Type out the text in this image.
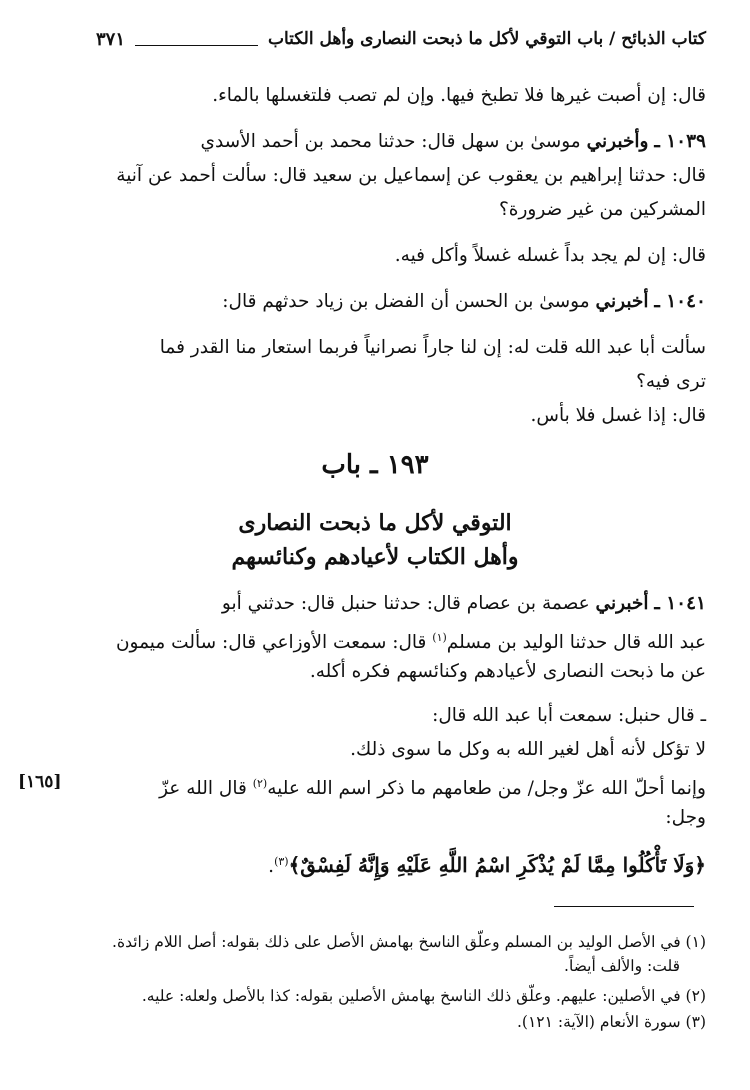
كتاب الذبائح / باب التوقي لأكل ما ذبحت النصارى وأهل الكتاب
٣٧١
قال: إن أصبت غيرها فلا تطبخ فيها. وإن لم تصب فلتغسلها بالماء.
١٠٣٩ ـ وأخبرني موسىٰ بن سهل قال: حدثنا محمد بن أحمد الأسدي
قال: حدثنا إبراهيم بن يعقوب عن إسماعيل بن سعيد قال: سألت أحمد عن آنية
المشركين من غير ضرورة؟
قال: إن لم يجد بداً غسله غسلاً وأكل فيه.
١٠٤٠ ـ أخبرني موسىٰ بن الحسن أن الفضل بن زياد حدثهم قال:
سألت أبا عبد الله قلت له: إن لنا جاراً نصرانياً فربما استعار منا القدر فما
ترى فيه؟
قال: إذا غسل فلا بأس.
١٩٣ ـ باب
التوقي لأكل ما ذبحت النصارى
وأهل الكتاب لأعيادهم وكنائسهم
١٠٤١ ـ أخبرني عصمة بن عصام قال: حدثنا حنبل قال: حدثني أبو
عبد الله قال حدثنا الوليد بن مسلم$^{(١)}$ قال: سمعت الأوزاعي قال: سألت ميمون
عن ما ذبحت النصارى لأعيادهم وكنائسهم فكره أكله.
ـ قال حنبل: سمعت أبا عبد الله قال:
لا تؤكل لأنه أهل لغير الله به وكل ما سوى ذلك.
وإنما أحلّ الله عزّ وجل/ من طعامهم ما ذكر اسم الله عليه$^{(٢)}$ قال الله عزّ
[١٦٥]
وجل:
﴿وَلَا تَأْكُلُوا مِمَّا لَمْ يُذْكَرِ اسْمُ اللَّهِ عَلَيْهِ وَإِنَّهُ لَفِسْقٌ﴾$^{(٣)}$.
(١) في الأصل الوليد بن المسلم وعلّق الناسخ بهامش الأصل على ذلك بقوله: أصل اللام زائدة.
قلت: والألف أيضاً.
(٢) في الأصلين: عليهم. وعلّق ذلك الناسخ بهامش الأصلين بقوله: كذا بالأصل ولعله: عليه.
(٣) سورة الأنعام (الآية: ١٢١).
